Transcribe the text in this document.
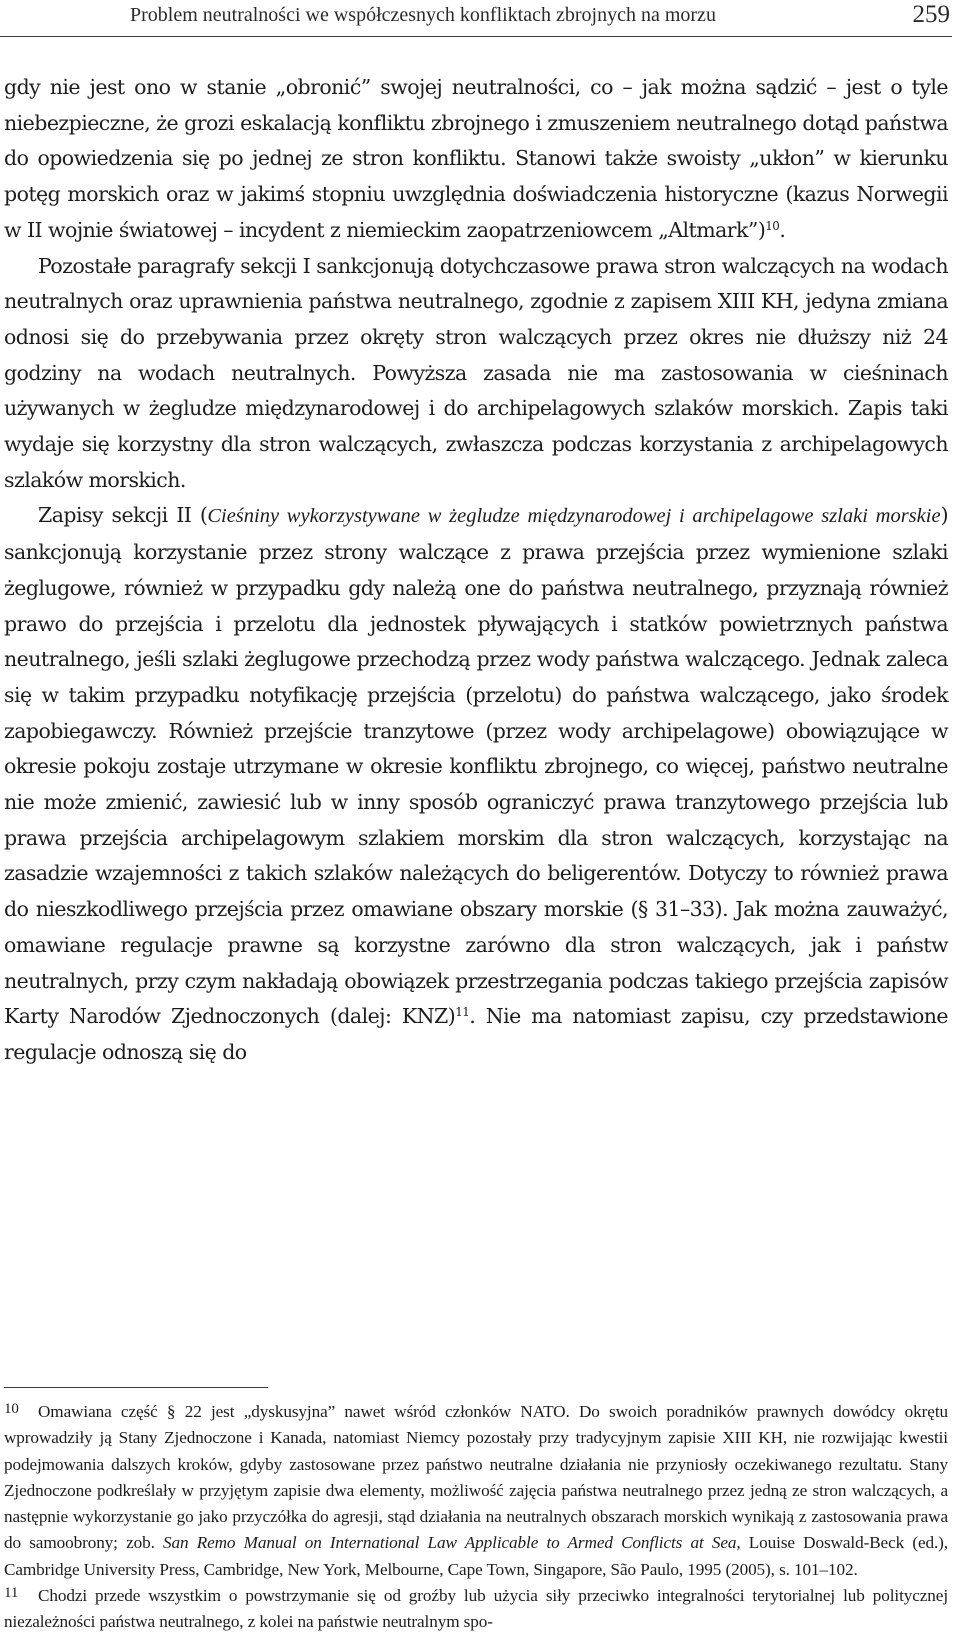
Problem neutralności we współczesnych konfliktach zbrojnych na morzu	259

gdy nie jest ono w stanie „obronić” swojej neutralności, co – jak można sądzić – jest o tyle niebezpieczne, że grozi eskalacją konfliktu zbrojnego i zmuszeniem neutralnego dotąd państwa do opowiedzenia się po jednej ze stron konfliktu. Stanowi także swoisty „ukłon” w kierunku potęg morskich oraz w jakimś stopniu uwzględnia doświadczenia historyczne (kazus Norwegii w II wojnie światowej – incydent z niemieckim zaopatrzeniowcem „Altmark”)$^{10}$.

Pozostałe paragrafy sekcji I sankcjonują dotychczasowe prawa stron walczących na wodach neutralnych oraz uprawnienia państwa neutralnego, zgodnie z zapisem XIII KH, jedyna zmiana odnosi się do przebywania przez okręty stron walczących przez okres nie dłuższy niż 24 godziny na wodach neutralnych. Powyższa zasada nie ma zastosowania w cieśninach używanych w żegludze międzynarodowej i do archipelagowych szlaków morskich. Zapis taki wydaje się korzystny dla stron walczących, zwłaszcza podczas korzystania z archipelagowych szlaków morskich.

Zapisy sekcji II (Cieśniny wykorzystywane w żegludze międzynarodowej i archipelagowe szlaki morskie) sankcjonują korzystanie przez strony walczące z prawa przejścia przez wymienione szlaki żeglugowe, również w przypadku gdy należą one do państwa neutralnego, przyznają również prawo do przejścia i przelotu dla jednostek pływających i statków powietrznych państwa neutralnego, jeśli szlaki żeglugowe przechodzą przez wody państwa walczącego. Jednak zaleca się w takim przypadku notyfikację przejścia (przelotu) do państwa walczącego, jako środek zapobiegawczy. Również przejście tranzytowe (przez wody archipelagowe) obowiązujące w okresie pokoju zostaje utrzymane w okresie konfliktu zbrojnego, co więcej, państwo neutralne nie może zmienić, zawiesić lub w inny sposób ograniczyć prawa tranzytowego przejścia lub prawa przejścia archipelagowym szlakiem morskim dla stron walczących, korzystając na zasadzie wzajemności z takich szlaków należących do beligerentów. Dotyczy to również prawa do nieszkodliwego przejścia przez omawiane obszary morskie (§ 31–33). Jak można zauważyć, omawiane regulacje prawne są korzystne zarówno dla stron walczących, jak i państw neutralnych, przy czym nakładają obowiązek przestrzegania podczas takiego przejścia zapisów Karty Narodów Zjednoczonych (dalej: KNZ)$^{11}$. Nie ma natomiast zapisu, czy przedstawione regulacje odnoszą się do

10 Omawiana część § 22 jest „dyskusyjna” nawet wśród członków NATO. Do swoich poradników prawnych dowódcy okrętu wprowadziły ją Stany Zjednoczone i Kanada, natomiast Niemcy pozostały przy tradycyjnym zapisie XIII KH, nie rozwijając kwestii podejmowania dalszych kroków, gdyby zastosowane przez państwo neutralne działania nie przyniosły oczekiwanego rezultatu. Stany Zjednoczone podkreślały w przyjętym zapisie dwa elementy, możliwość zajęcia państwa neutralnego przez jedną ze stron walczących, a następnie wykorzystanie go jako przyczółka do agresji, stąd działania na neutralnych obszarach morskich wynikają z zastosowania prawa do samoobrony; zob. San Remo Manual on International Law Applicable to Armed Conflicts at Sea, Louise Doswald-Beck (ed.), Cambridge University Press, Cambridge, New York, Melbourne, Cape Town, Singapore, São Paulo, 1995 (2005), s. 101–102.

11 Chodzi przede wszystkim o powstrzymanie się od groźby lub użycia siły przeciwko integralności terytorialnej lub politycznej niezależności państwa neutralnego, z kolei na państwie neutralnym spo-
